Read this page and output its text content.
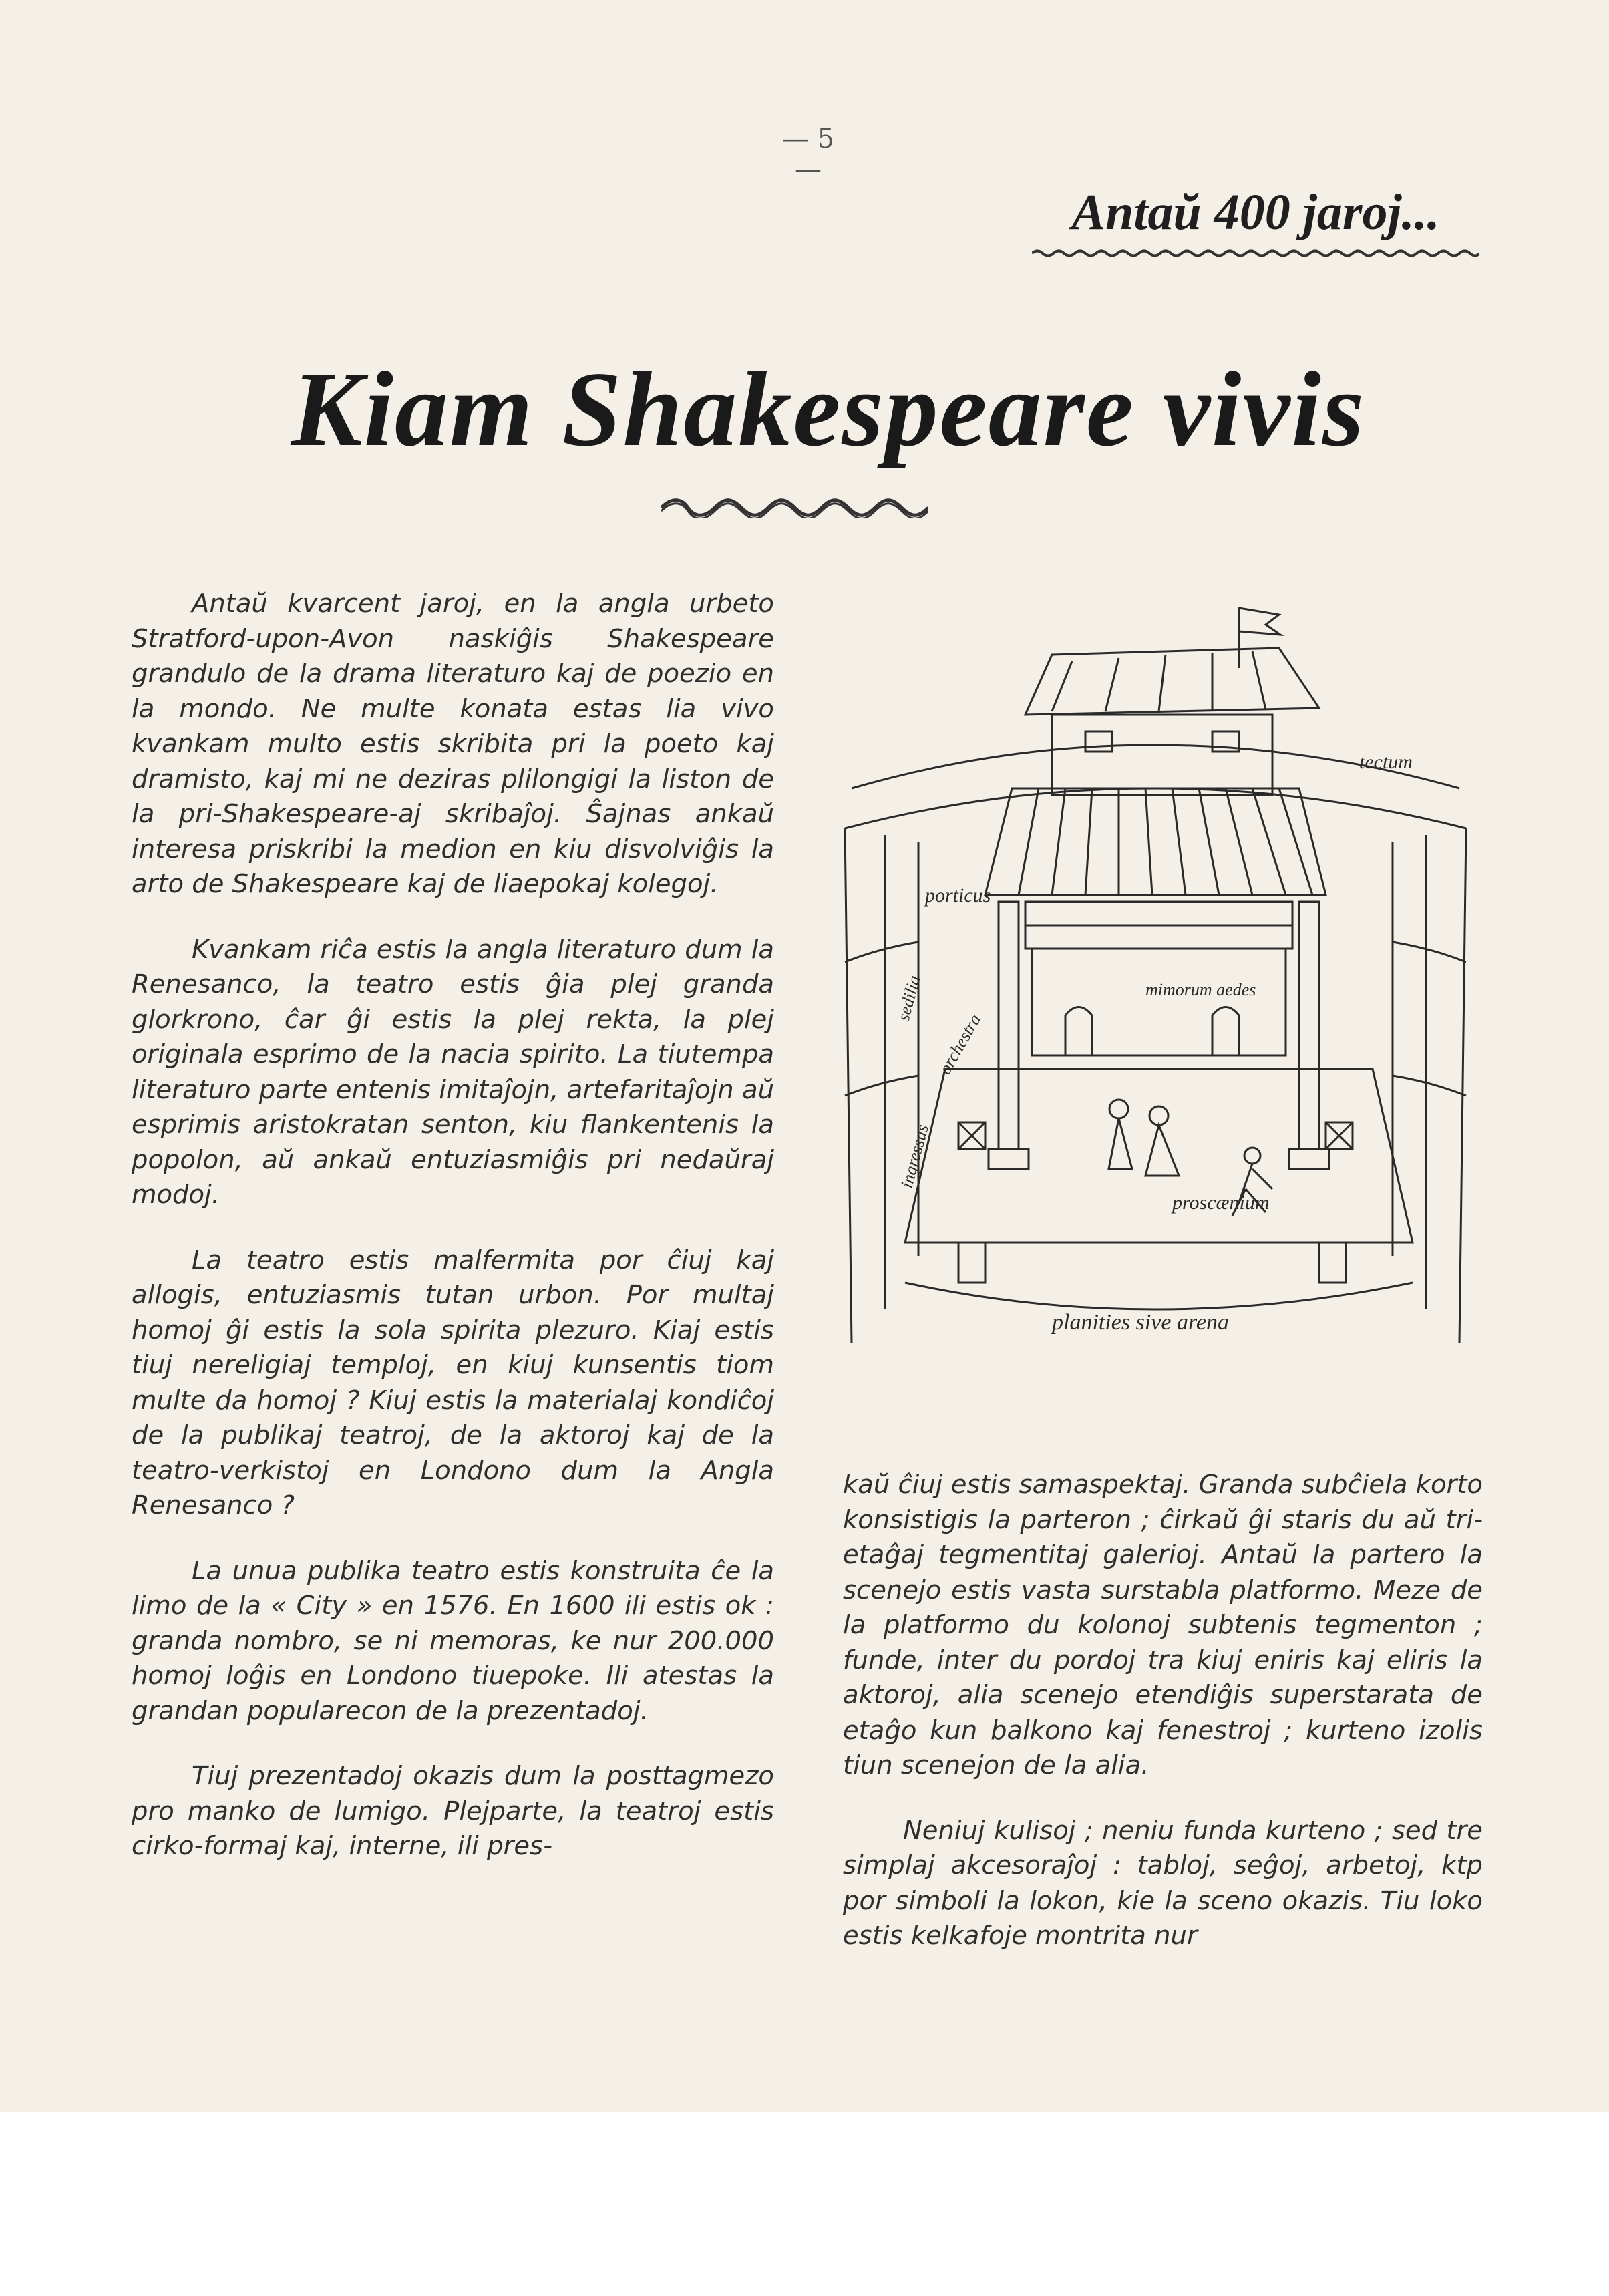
— 5 —
Antaŭ 400 jaroj...
Kiam Shakespeare vivis

Antaŭ kvarcent jaroj, en la angla urbeto Stratford-upon-Avon naskiĝis Shakespeare grandulo de la drama literaturo kaj de poezio en la mondo. Ne multe konata estas lia vivo kvankam multo estis skribita pri la poeto kaj dramisto, kaj mi ne deziras plilongigi la liston de la pri-Shakespeare-aj skribaĵoj. Ŝajnas ankaŭ interesa priskribi la medion en kiu disvolviĝis la arto de Shakespeare kaj de liaepokaj kolegoj.

Kvankam riĉa estis la angla literaturo dum la Renesanco, la teatro estis ĝia plej granda glorkrono, ĉar ĝi estis la plej rekta, la plej originala esprimo de la nacia spirito. La tiutempa literaturo parte entenis imitaĵojn, artefaritaĵojn aŭ esprimis aristokratan senton, kiu flankentenis la popolon, aŭ ankaŭ entuziasmiĝis pri nedaŭraj modoj.

La teatro estis malfermita por ĉiuj kaj allogis, entuziasmis tutan urbon. Por multaj homoj ĝi estis la sola spirita plezuro. Kiaj estis tiuj nereligiaj temploj, en kiuj kunsentis tiom multe da homoj ? Kiuj estis la materialaj kondiĉoj de la publikaj teatroj, de la aktoroj kaj de la teatro-verkistoj en Londono dum la Angla Renesanco ?

La unua publika teatro estis konstruita ĉe la limo de la « City » en 1576. En 1600 ili estis ok : granda nombro, se ni memoras, ke nur 200.000 homoj loĝis en Londono tiuepoke. Ili atestas la grandan popularecon de la prezentadoj.

Tiuj prezentadoj okazis dum la posttagmezo pro manko de lumigo. Plejparte, la teatroj estis cirko-formaj kaj, interne, ili pres-

tectum
porticus
mimorum aedes
proscænium
planities sive arena
sedilia
orchestra
ingressus

kaŭ ĉiuj estis samaspektaj. Granda subĉiela korto konsistigis la parteron ; ĉirkaŭ ĝi staris du aŭ tri-etaĝaj tegmentitaj galerioj. Antaŭ la partero la scenejo estis vasta surstabla platformo. Meze de la platformo du kolonoj subtenis tegmenton ; funde, inter du pordoj tra kiuj eniris kaj eliris la aktoroj, alia scenejo etendiĝis superstarata de etaĝo kun balkono kaj fenestroj ; kurteno izolis tiun scenejon de la alia.

Neniuj kulisoj ; neniu funda kurteno ; sed tre simplaj akcesoraĵoj : tabloj, seĝoj, arbetoj, ktp por simboli la lokon, kie la sceno okazis. Tiu loko estis kelkafoje montrita nur
